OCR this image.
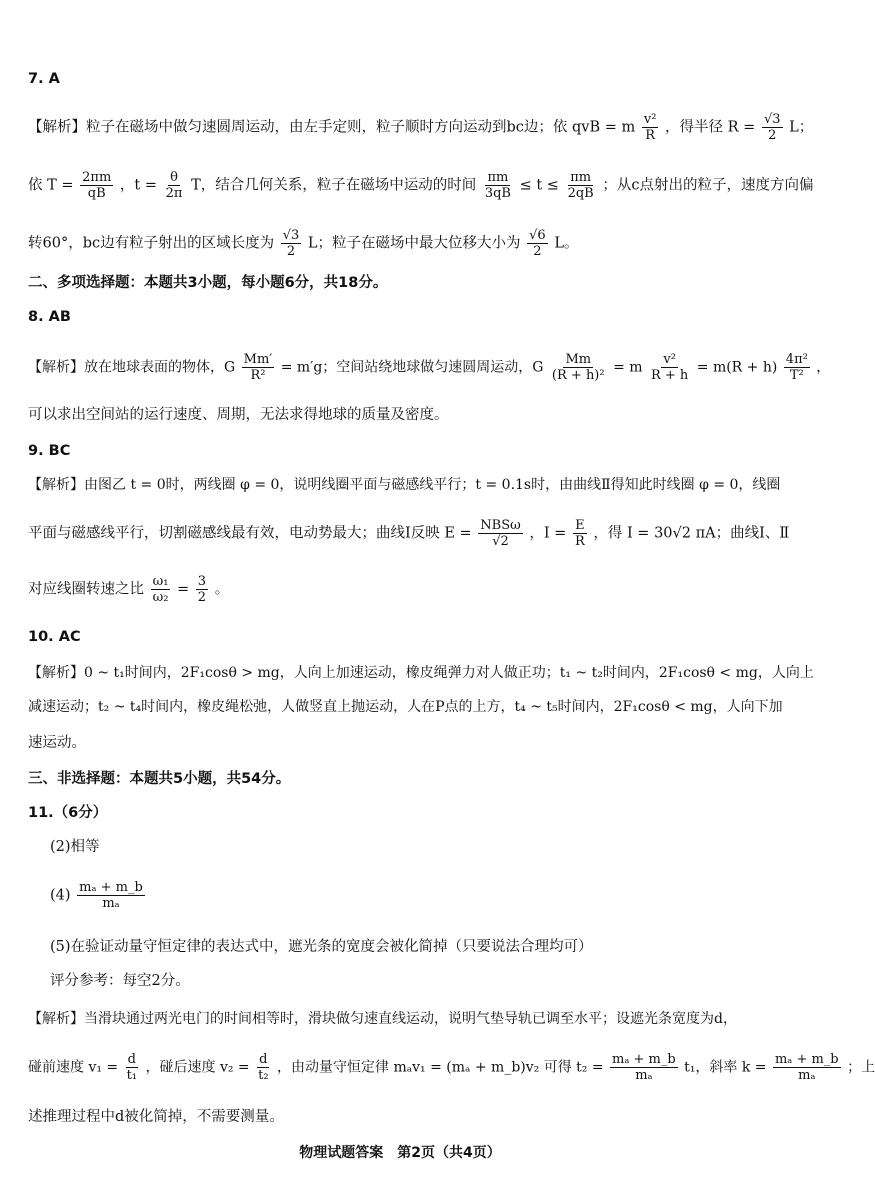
7. A
【解析】粒子在磁场中做匀速圆周运动，由左手定则，粒子顺时方向运动到bc边；依 qvB = m $\frac{\text{v²}}{R}$ ，得半径 $R = \frac{√3}{2}$ L；
依 $T = \frac{2\pi m}{qB}$ ，$t = \frac{\theta}{2\pi}$ T，结合几何关系，粒子在磁场中运动的时间 $\frac{\pi m}{3qB} \le t \le \frac{\pi m}{2qB}$ ；从c点射出的粒子，速度方向偏
转60°，bc边有粒子射出的区域长度为 $\frac{√3}{2}$ L；粒子在磁场中最大位移大小为 $\frac{√6}{2}$ L。
二、多项选择题：本题共3小题，每小题6分，共18分。
8. AB
【解析】放在地球表面的物体，G $\frac{Mm'}{\text{R²}} = m'g$；空间站绕地球做匀速圆周运动，G $\frac{Mm}{\text{(R + h)²}} = m \frac{\text{v²}}{R + h} = m(R + h) \frac{\text{4π²}}{\text{T²}}$ ，
可以求出空间站的运行速度、周期，无法求得地球的质量及密度。
9. BC
【解析】由图乙 t = 0时，两线圈 φ = 0，说明线圈平面与磁感线平行；t = 0.1s时，由曲线Ⅱ得知此时线圈 φ = 0，线圈
平面与磁感线平行，切割磁感线最有效，电动势最大；曲线Ⅰ反映 $E = \frac{\text{NBSω}}{√2}$ ，$I = \frac{E}{R}$ ，得 I = 30√2 πA；曲线Ⅰ、Ⅱ
对应线圈转速之比 $\frac{\text{ω₁}}{\text{ω₂}} = \frac{3}{2}$ 。
10. AC
【解析】0 ~ t₁时间内，2F₁cosθ > mg，人向上加速运动，橡皮绳弹力对人做正功；t₁ ~ t₂时间内，2F₁cosθ < mg，人向上
减速运动；t₂ ~ t₄时间内，橡皮绳松弛，人做竖直上抛运动，人在P点的上方，t₄ ~ t₅时间内，2F₁cosθ < mg，人向下加
速运动。
三、非选择题：本题共5小题，共54分。
11.（6分）
(2)相等
$(4) \frac{\text{mₐ + m\_b}}{\text{mₐ}}$
(5)在验证动量守恒定律的表达式中，遮光条的宽度会被化简掉（只要说法合理均可）
评分参考：每空2分。
【解析】当滑块通过两光电门的时间相等时，滑块做匀速直线运动，说明气垫导轨已调至水平；设遮光条宽度为d，
碰前速度 $v_1 = \frac{d}{\text{t₁}}$ ，碰后速度 $v_2 = \frac{d}{\text{t₂}}$ ，由动量守恒定律 mₐv₁ = (mₐ + m_b)v₂ 可得 $t_2 = \frac{\text{mₐ + m\_b}}{\text{mₐ}} t_1$，斜率 $k = \frac{\text{mₐ + m\_b}}{\text{mₐ}}$ ；上
述推理过程中d被化简掉，不需要测量。
物理试题答案　第2页（共4页）
